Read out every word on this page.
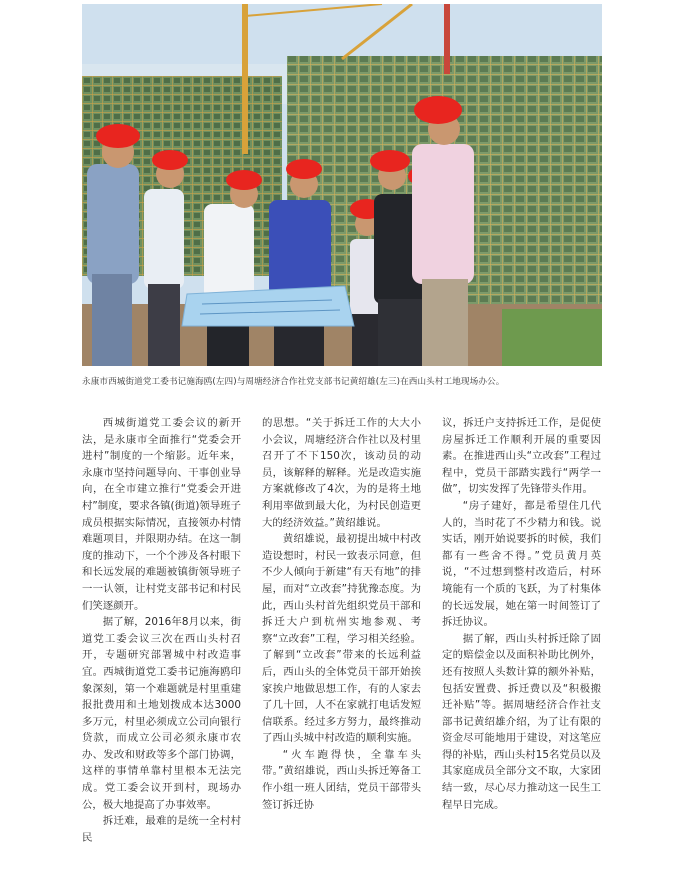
永康市西城街道党工委书记施海鸥(左四)与周塘经济合作社党支部书记黄绍雄(左三)在西山头村工地现场办公。

西城街道党工委会议的新开法，是永康市全面推行“党委会开进村”制度的一个缩影。近年来，永康市坚持问题导向、干事创业导向，在全市建立推行“党委会开进村”制度，要求各镇(街道)领导班子成员根据实际情况，直接领办村情难题项目，并限期办结。在这一制度的推动下，一个个涉及各村眼下和长远发展的难题被镇街领导班子一一认领，让村党支部书记和村民们笑逐颜开。

据了解，2016年8月以来，街道党工委会议三次在西山头村召开，专题研究部署城中村改造事宜。西城街道党工委书记施海鸥印象深刻，第一个难题就是村里重建报批费用和土地划拨成本达3000多万元，村里必须成立公司向银行贷款，而成立公司必须永康市农办、发改和财政等多个部门协调，这样的事情单靠村里根本无法完成。党工委会议开到村，现场办公，极大地提高了办事效率。

拆迁难，最难的是统一全村村民

的思想。“关于拆迁工作的大大小小会议，周塘经济合作社以及村里召开了不下150次，该动员的动员，该解释的解释。光是改造实施方案就修改了4次，为的是将土地利用率做到最大化，为村民创造更大的经济效益。”黄绍雄说。

黄绍雄说，最初提出城中村改造设想时，村民一致表示同意，但不少人倾向于新建“有天有地”的排屋，而对“立改套”持犹豫态度。为此，西山头村首先组织党员干部和拆迁大户到杭州实地参观、考察“立改套”工程，学习相关经验。了解到“立改套”带来的长远利益后，西山头的全体党员干部开始挨家挨户地做思想工作，有的人家去了几十回，人不在家就打电话发短信联系。经过多方努力，最终推动了西山头城中村改造的顺利实施。

“火车跑得快，全靠车头带。”黄绍雄说，西山头拆迁筹备工作小组一班人团结，党员干部带头签订拆迁协

议，拆迁户支持拆迁工作，是促使房屋拆迁工作顺利开展的重要因素。在推进西山头“立改套”工程过程中，党员干部踏实践行“两学一做”，切实发挥了先锋带头作用。

“房子建好，都是希望住几代人的，当时花了不少精力和钱。说实话，刚开始说要拆的时候，我们都有一些舍不得。”党员黄月英说，“不过想到整村改造后，村环境能有一个质的飞跃，为了村集体的长远发展，她在第一时间签订了拆迁协议。

据了解，西山头村拆迁除了固定的赔偿金以及面积补助比例外，还有按照人头数计算的额外补贴，包括安置费、拆迁费以及“积极搬迁补贴”等。据周塘经济合作社支部书记黄绍雄介绍，为了让有限的资金尽可能地用于建设，对这笔应得的补贴，西山头村15名党员以及其家庭成员全部分文不取，大家团结一致，尽心尽力推动这一民生工程早日完成。
